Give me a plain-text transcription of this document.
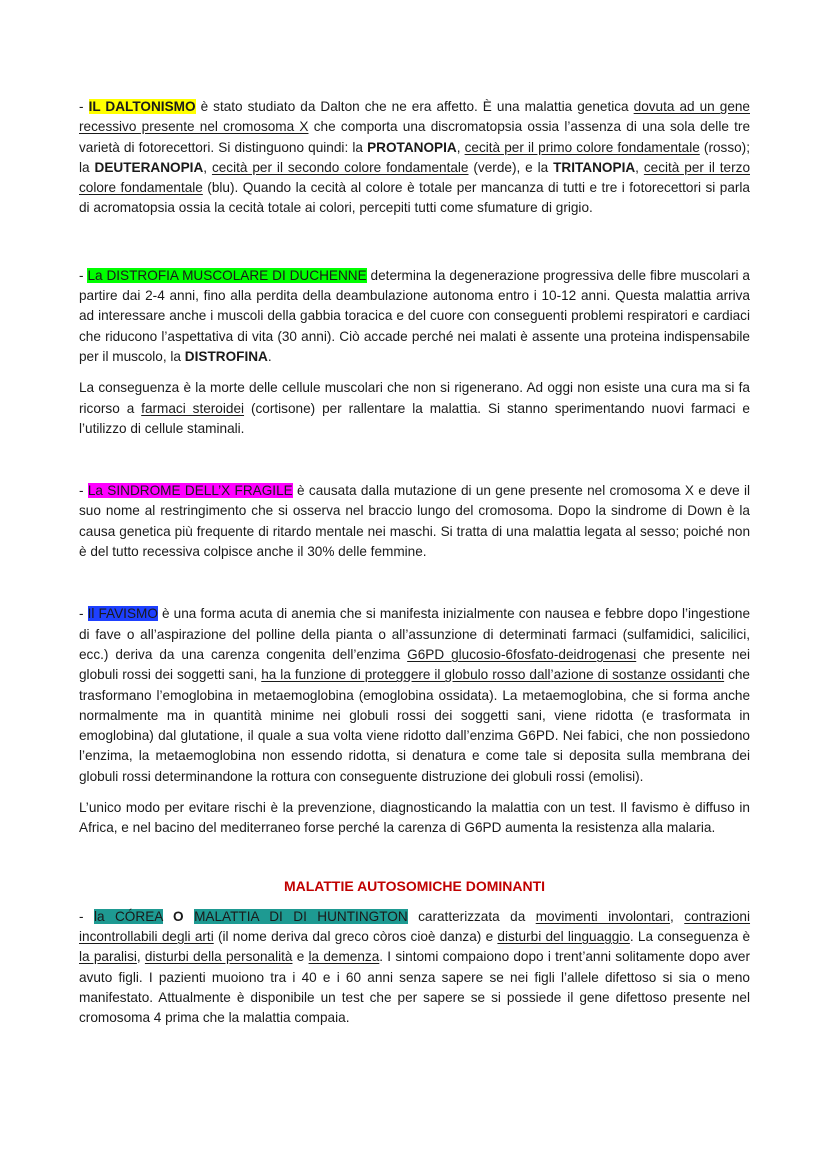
- IL DALTONISMO è stato studiato da Dalton che ne era affetto. È una malattia genetica dovuta ad un gene recessivo presente nel cromosoma X che comporta una discromatopsia ossia l’assenza di una sola delle tre varietà di fotorecettori. Si distinguono quindi: la PROTANOPIA, cecità per il primo colore fondamentale (rosso); la DEUTERANOPIA, cecità per il secondo colore fondamentale (verde), e la TRITANOPIA, cecità per il terzo colore fondamentale (blu). Quando la cecità al colore è totale per mancanza di tutti e tre i fotorecettori si parla di acromatopsia ossia la cecità totale ai colori, percepiti tutti come sfumature di grigio.

- La DISTROFIA MUSCOLARE DI DUCHENNE determina la degenerazione progressiva delle fibre muscolari a partire dai 2-4 anni, fino alla perdita della deambulazione autonoma entro i 10-12 anni. Questa malattia arriva ad interessare anche i muscoli della gabbia toracica e del cuore con conseguenti problemi respiratori e cardiaci che riducono l’aspettativa di vita (30 anni). Ciò accade perché nei malati è assente una proteina indispensabile per il muscolo, la DISTROFINA.

La conseguenza è la morte delle cellule muscolari che non si rigenerano. Ad oggi non esiste una cura ma si fa ricorso a farmaci steroidei (cortisone) per rallentare la malattia. Si stanno sperimentando nuovi farmaci e l’utilizzo di cellule staminali.

- La SINDROME DELL’X FRAGILE è causata dalla mutazione di un gene presente nel cromosoma X e deve il suo nome al restringimento che si osserva nel braccio lungo del cromosoma. Dopo la sindrome di Down è la causa genetica più frequente di ritardo mentale nei maschi. Si tratta di una malattia legata al sesso; poiché non è del tutto recessiva colpisce anche il 30% delle femmine.

- Il FAVISMO è una forma acuta di anemia che si manifesta inizialmente con nausea e febbre dopo l’ingestione di fave o all’aspirazione del polline della pianta o all’assunzione di determinati farmaci (sulfamidici, salicilici, ecc.) deriva da una carenza congenita dell’enzima G6PD glucosio-6fosfato-deidrogenasi che presente nei globuli rossi dei soggetti sani, ha la funzione di proteggere il globulo rosso dall’azione di sostanze ossidanti che trasformano l’emoglobina in metaemoglobina (emoglobina ossidata). La metaemoglobina, che si forma anche normalmente ma in quantità minime nei globuli rossi dei soggetti sani, viene ridotta (e trasformata in emoglobina) dal glutatione, il quale a sua volta viene ridotto dall’enzima G6PD. Nei fabici, che non possiedono l’enzima, la metaemoglobina non essendo ridotta, si denatura e come tale si deposita sulla membrana dei globuli rossi determinandone la rottura con conseguente distruzione dei globuli rossi (emolisi).

L’unico modo per evitare rischi è la prevenzione, diagnosticando la malattia con un test. Il favismo è diffuso in Africa, e nel bacino del mediterraneo forse perché la carenza di G6PD aumenta la resistenza alla malaria.

MALATTIE AUTOSOMICHE DOMINANTI

- la CÓREA O MALATTIA DI DI HUNTINGTON caratterizzata da movimenti involontari, contrazioni incontrollabili degli arti (il nome deriva dal greco còros cioè danza) e disturbi del linguaggio. La conseguenza è la paralisi, disturbi della personalità e la demenza. I sintomi compaiono dopo i trent’anni solitamente dopo aver avuto figli. I pazienti muoiono tra i 40 e i 60 anni senza sapere se nei figli l’allele difettoso si sia o meno manifestato. Attualmente è disponibile un test che per sapere se si possiede il gene difettoso presente nel cromosoma 4 prima che la malattia compaia.
